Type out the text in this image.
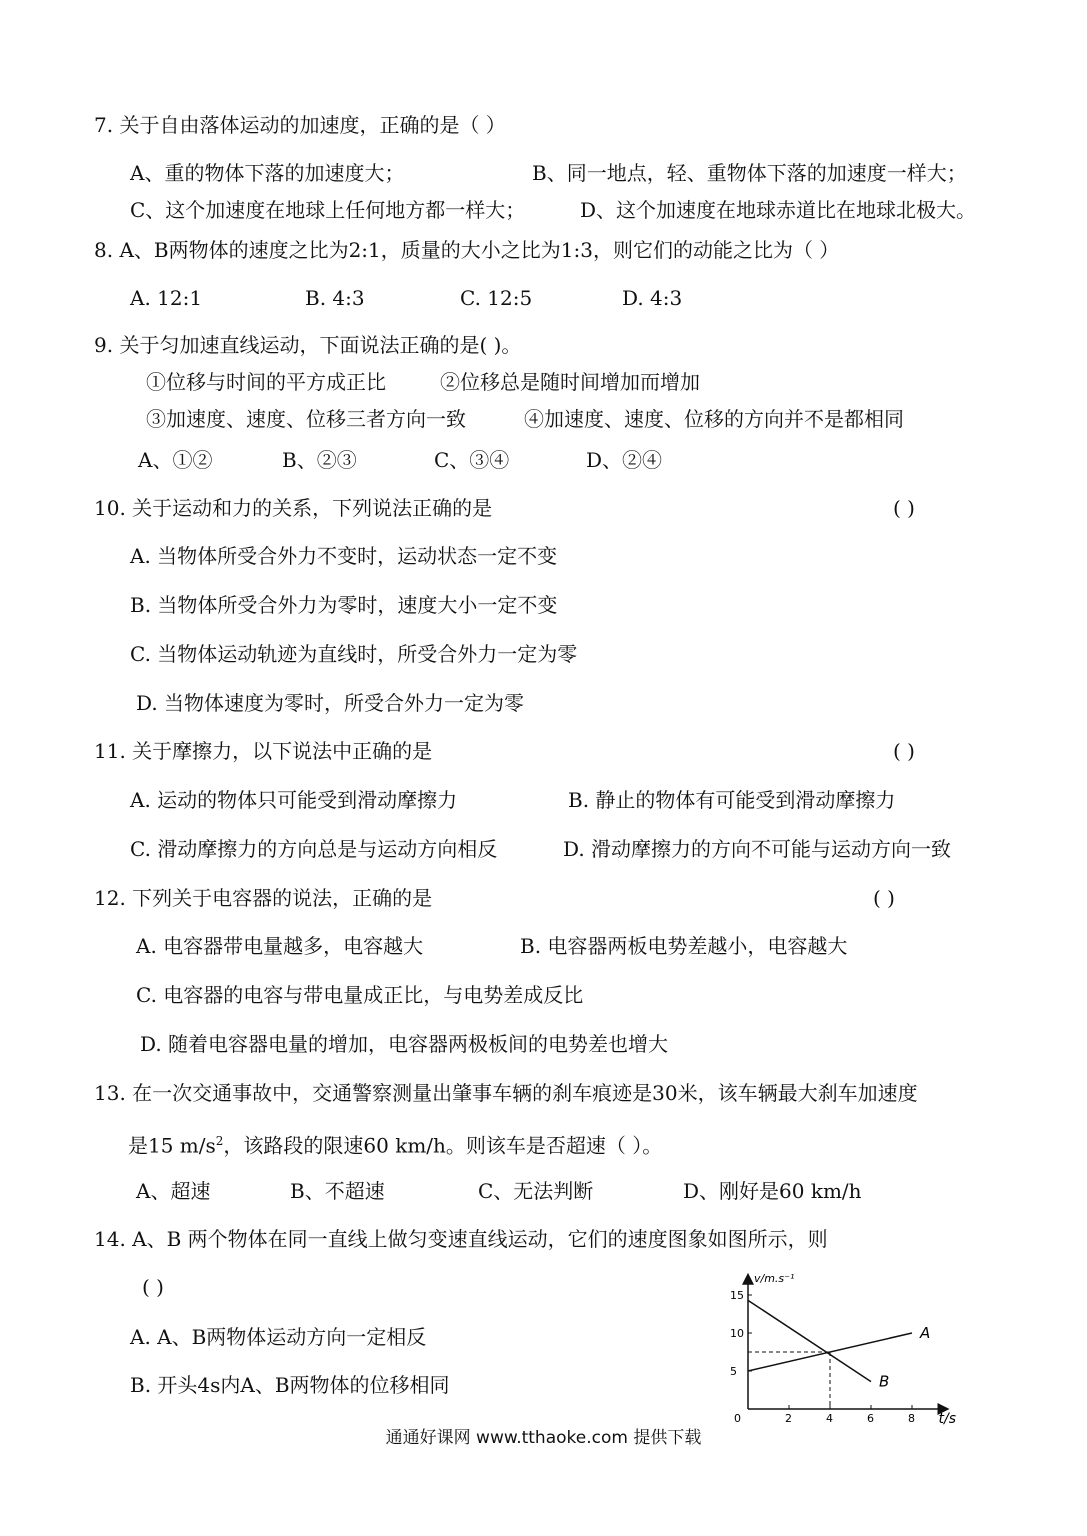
7. 关于自由落体运动的加速度，正确的是（ ）
A、重的物体下落的加速度大；	B、同一地点，轻、重物体下落的加速度一样大；
C、这个加速度在地球上任何地方都一样大；	D、这个加速度在地球赤道比在地球北极大。
8. A、B两物体的速度之比为2:1，质量的大小之比为1:3，则它们的动能之比为（ ）
A. 12:1	B. 4:3	C. 12:5	D. 4:3
9. 关于匀加速直线运动，下面说法正确的是( )。
①位移与时间的平方成正比	②位移总是随时间增加而增加
③加速度、速度、位移三者方向一致	④加速度、速度、位移的方向并不是都相同
A、①②	B、②③	C、③④	D、②④
10. 关于运动和力的关系，下列说法正确的是	( )
A. 当物体所受合外力不变时，运动状态一定不变
B. 当物体所受合外力为零时，速度大小一定不变
C. 当物体运动轨迹为直线时，所受合外力一定为零
D. 当物体速度为零时，所受合外力一定为零
11. 关于摩擦力，以下说法中正确的是	( )
A. 运动的物体只可能受到滑动摩擦力	B. 静止的物体有可能受到滑动摩擦力
C. 滑动摩擦力的方向总是与运动方向相反	D. 滑动摩擦力的方向不可能与运动方向一致
12. 下列关于电容器的说法，正确的是	( )
A. 电容器带电量越多，电容越大	B. 电容器两板电势差越小，电容越大
C. 电容器的电容与带电量成正比，与电势差成反比
D. 随着电容器电量的增加，电容器两极板间的电势差也增大
13. 在一次交通事故中，交通警察测量出肇事车辆的刹车痕迹是30米，该车辆最大刹车加速度
是15 $m/s^2$，该路段的限速60 km/h。则该车是否超速（ ）。
A、超速	B、不超速	C、无法判断	D、刚好是60 km/h
14. A、B 两个物体在同一直线上做匀变速直线运动，它们的速度图象如图所示，则
( )
A. A、B两物体运动方向一定相反
B. 开头4s内A、B两物体的位移相同
t/s
v/m.s⁻¹
0	2	4	6	8
5
10
15
A
B
通通好课网 www.tthaoke.com 提供下载
